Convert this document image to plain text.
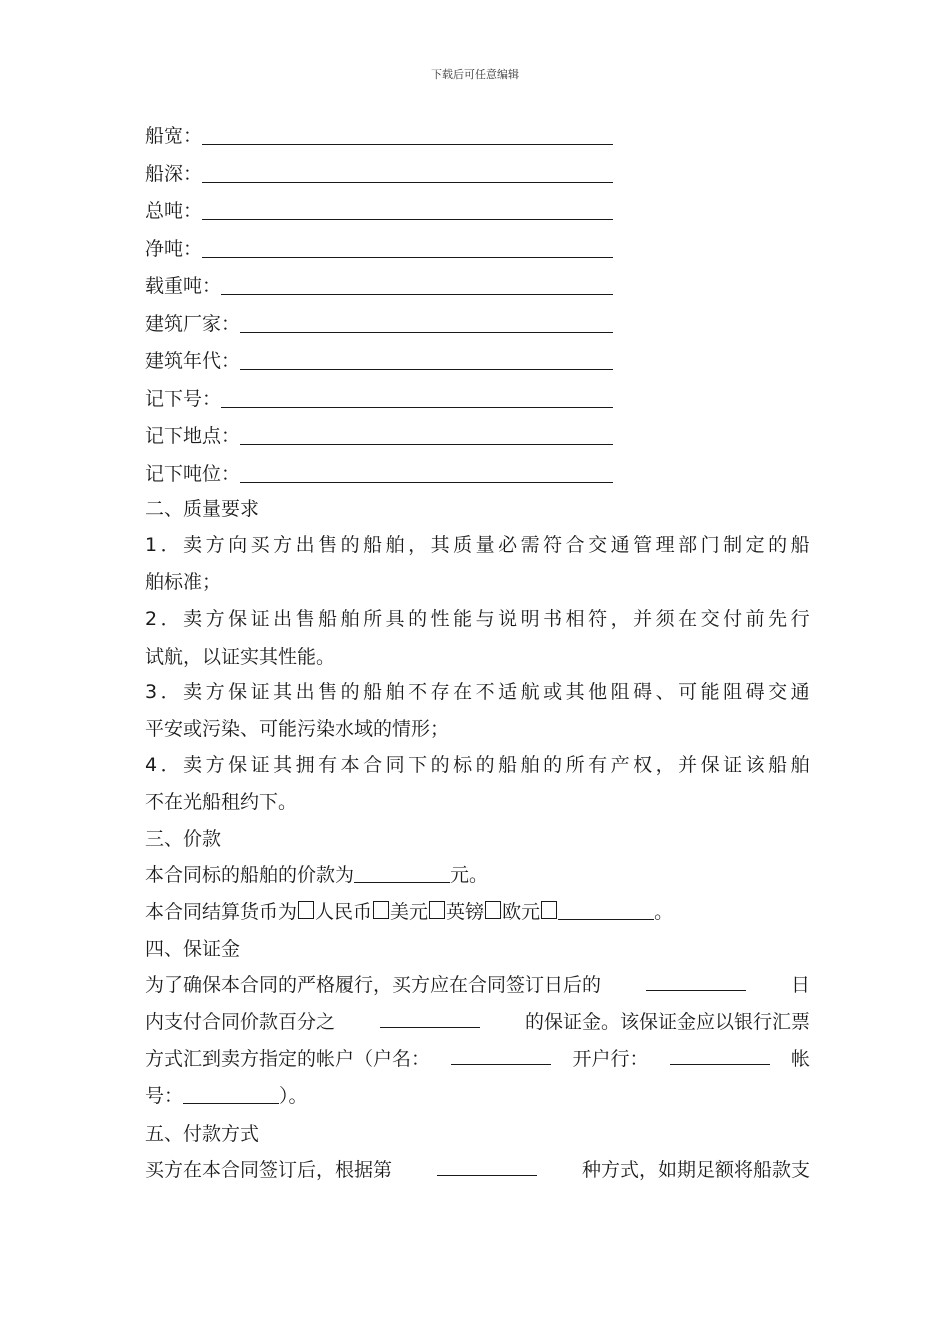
下载后可任意编辑
船宽：
船深：
总吨：
净吨：
载重吨：
建筑厂家：
建筑年代：
记下号：
记下地点：
记下吨位：
二、质量要求
1 ． 卖 方 向 买 方 出 售 的 船 舶 ， 其 质 量 必 需 符 合 交 通 管 理 部 门 制 定 的 船
舶标准；
2 ． 卖 方 保 证 出 售 船 舶 所 具 的 性 能 与 说 明 书 相 符 ， 并 须 在 交 付 前 先 行
试航，以证实其性能。
3 ． 卖 方 保 证 其 出 售 的 船 舶 不 存 在 不 适 航 或 其 他 阻 碍 、 可 能 阻 碍 交 通
平安或污染、可能污染水域的情形；
4 ． 卖 方 保 证 其 拥 有 本 合 同 下 的 标 的 船 舶 的 所 有 产 权 ， 并 保 证 该 船 舶
不在光船租约下。
三、价款
本合同标的船舶的价款为	元。
本合同结算货币为 人民币 美元 英镑 欧元	。
四、保证金
为了确保本合同的严格履行，买方应在合同签订日后的	日
内支付合同价款百分之	的保证金。该保证金应以银行汇票
方式汇到卖方指定的帐户（户名：	开户行：	帐
号：	）。
五、付款方式
买方在本合同签订后，根据第	种方式，如期足额将船款支
